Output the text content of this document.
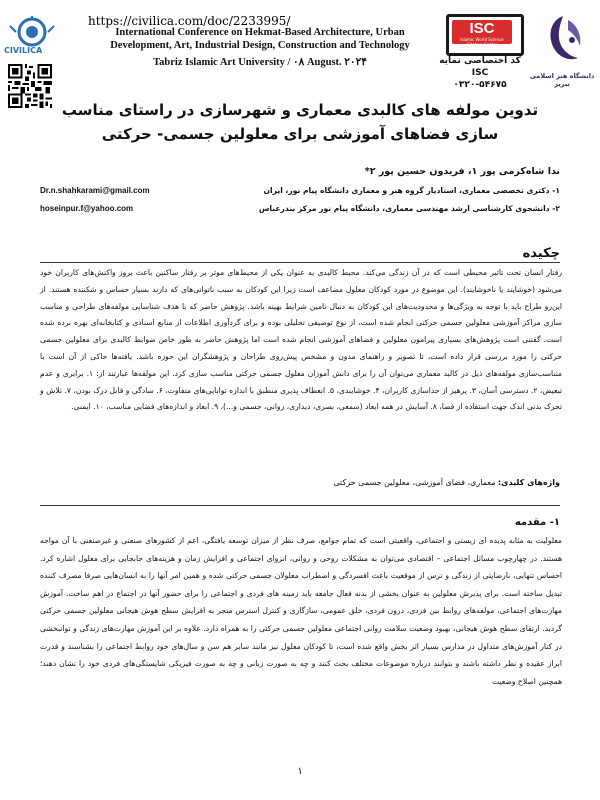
https://civilica.com/doc/2233995/
CIVILICA
International Conference on Hekmat-Based Architecture, Urban Development, Art, Industrial Design, Construction and Technology
Tabriz Islamic Art University / ۰۸ August. ۲۰۲۴
ISC
Islamic World Science Citation Center
کد اختصاصی نمایه ISC
۰۳۲۰-۵۴۶۷۵
دانشگاه هنر اسلامی تبریز
تدوین مولفه های کالبدی معماری و شهرسازی در راستای مناسب سازی فضاهای آموزشی برای معلولین جسمی- حرکتی
ندا شاه‌کرمی پور ۱، فریدون حسین پور ۲*
۱- دکتری تخصصی معماری، استادیار گروه هنر و معماری دانشگاه پیام نور، ایران
Dr.n.shahkarami@gmail.com
۲- دانشجوی کارشناسی ارشد مهندسی معماری، دانشگاه پیام نور مرکز بندرعباس
hoseinpur.f@yahoo.com
چکیده
رفتار انسان تحت تاثیر محیطی است که در آن زندگی می‌کند. محیط کالبدی به عنوان یکی از محیط‌های موثر بر رفتار ساکنین باعث بروز واکنش‌های کاربران خود می‌شود (خوشایند یا ناخوشایند). این موضوع در مورد کودکان معلول مضاعف است زیرا این کودکان به سبب ناتوانی‌های که دارند بسیار حساس و شکننده هستند. از این‌رو طراح باید با توجه به ویژگی‌ها و محدودیت‌های این کودکان به دنبال تامین شرایط بهینه باشد. پژوهش حاضر که با هدف شناسایی مولفه‌های طراحی و مناسب سازی مراکز آموزشی معلولین جسمی حرکتی انجام شده است، از نوع توصیفی تحلیلی بوده و برای گردآوری اطلاعات از منابع اسنادی و کتابخانه‌ای بهره برده شده است. گفتنی است پژوهش‌های بسیاری پیرامون معلولین و فضاهای آموزشی انجام شده است اما پژوهش حاضر به طور خاص ضوابط کالبدی برای معلولین جسمی حرکتی را مورد بررسی قرار داده است، تا تصویر و راهنمای مدون و مشخص پیش‌روی طراحان و پژوهشگران این حوزه باشد. یافته‌ها حاکی از آن است با متناسب‌سازی مولفه‌های ذیل در کالبد معماری می‌توان آن را برای دانش آموزان معلول جسمی حرکتی مناسب سازی کرد. این مولفه‌ها عبارتند از: ۱. برابری و عدم تبعیض، ۲. دسترسی آسان، ۳. پرهیز از جداسازی کاربران، ۴. خوشایندی، ۵. انعطاف پذیری منطبق با اندازه توانایی‌های متفاوت، ۶. سادگی و قابل درک بودن، ۷. تلاش و تحرک بدنی اندک جهت استفاده از فضا، ۸. آسایش در همه ابعاد (سمعی، بصری، دیداری، روانی، جسمی و...)، ۹. ابعاد و اندازه‌های فضایی مناسب، ۱۰. ایمنی.
واژه‌های کلیدی: معماری، فضای آموزشی، معلولین جسمی حرکتی
۱- مقدمه
معلولیت به مثابه پدیده ای زیستی و اجتماعی، واقعیتی است که تمام جوامع، صرف نظر از میزان توسعه یافتگی، اعم از کشورهای صنعتی و غیرصنعتی با آن مواجه هستند. در چهارچوب مسائل اجتماعی – اقتصادی می‌توان به مشکلات روحی و روانی، انزوای اجتماعی و افزایش زمان و هزینه‌های جابجایی برای معلول اشاره کرد. احساس تنهایی، نارضایتی از زندگی و ترس از موقعیت باعث افسردگی و اضطراب معلولان جسمی حرکتی شده و همین امر آنها را به انسان‌هایی صرفا مصرف کننده تبدیل ساخته است. برای پذیرش معلولین به عنوان بخشی از بدنه فعال جامعه باید زمینه های فردی و اجتماعی را برای حضور آنها در اجتماع در اهم ساخت. آموزش مهارت‌های اجتماعی، مولفه‌های روابط بین فردی، درون فردی، خلق عمومی، سازگاری و کنترل استرس منجر به افزایش سطح هوش هیجانی معلولین جسمی حرکتی گردید. ارتقای سطح هوش هیجانی، بهبود وضعیت سلامت روانی اجتماعی معلولین جسمی حرکتی را به همراه دارد. علاوه بر این آموزش مهارت‌های زندگی و توانبخشی در کنار آموزش‌های متداول در مدارس بسیار اثر بخش واقع شده است، تا کودکان معلول نیز مانند سایر هم سن و سال‌های خود روابط اجتماعی را بشناسند و قدرت ابراز عقیده و نظر داشته باشند و بتوانند درباره موضوعات مختلف بحث کنند و چه به صورت زبانی و چه به صورت فیزیکی شایستگی‌های فردی خود را نشان دهند؛ همچنین اصلاح وضعیت
۱
